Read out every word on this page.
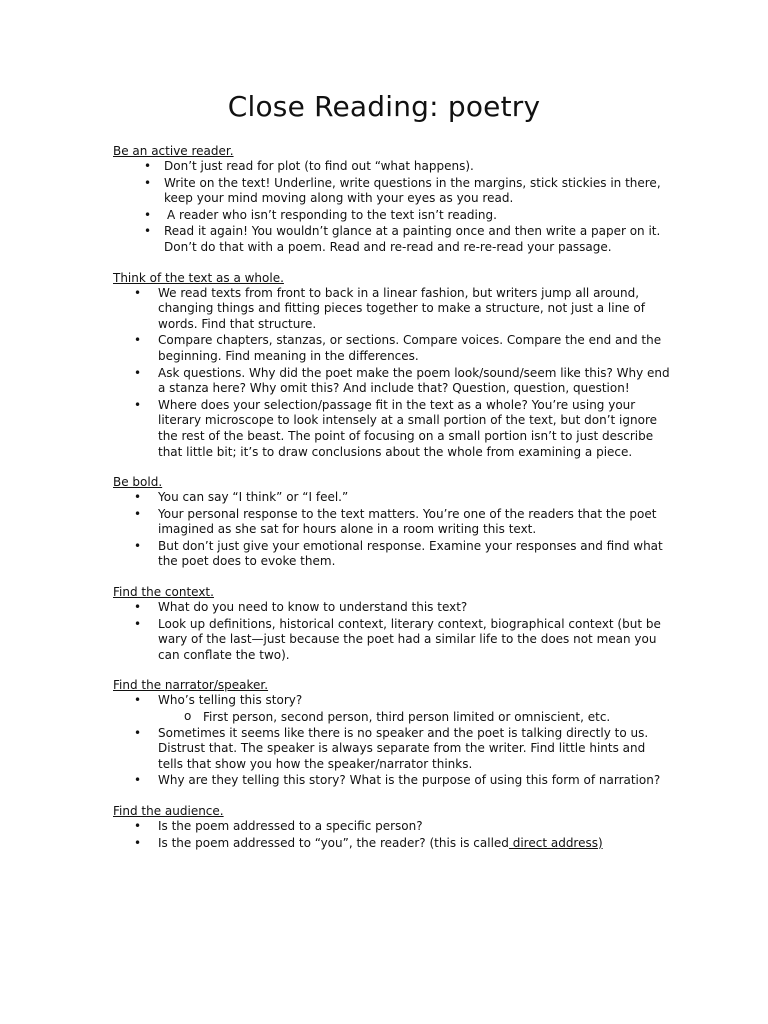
Close Reading: poetry

Be an active reader.

• Don’t just read for plot (to find out “what happens).
• Write on the text! Underline, write questions in the margins, stick stickies in there, keep your mind moving along with your eyes as you read.
• A reader who isn’t responding to the text isn’t reading.
• Read it again! You wouldn’t glance at a painting once and then write a paper on it. Don’t do that with a poem. Read and re-read and re-re-read your passage.

Think of the text as a whole.

• We read texts from front to back in a linear fashion, but writers jump all around, changing things and fitting pieces together to make a structure, not just a line of words. Find that structure.
• Compare chapters, stanzas, or sections. Compare voices. Compare the end and the beginning. Find meaning in the differences.
• Ask questions. Why did the poet make the poem look/sound/seem like this? Why end a stanza here? Why omit this? And include that? Question, question, question!
• Where does your selection/passage fit in the text as a whole? You’re using your literary microscope to look intensely at a small portion of the text, but don’t ignore the rest of the beast. The point of focusing on a small portion isn’t to just describe that little bit; it’s to draw conclusions about the whole from examining a piece.

Be bold.

• You can say “I think” or “I feel.”
• Your personal response to the text matters. You’re one of the readers that the poet imagined as she sat for hours alone in a room writing this text.
• But don’t just give your emotional response. Examine your responses and find what the poet does to evoke them.

Find the context.

• What do you need to know to understand this text?
• Look up definitions, historical context, literary context, biographical context (but be wary of the last—just because the poet had a similar life to the does not mean you can conflate the two).

Find the narrator/speaker.

• Who’s telling this story?
o First person, second person, third person limited or omniscient, etc.
• Sometimes it seems like there is no speaker and the poet is talking directly to us. Distrust that. The speaker is always separate from the writer. Find little hints and tells that show you how the speaker/narrator thinks.
• Why are they telling this story? What is the purpose of using this form of narration?

Find the audience.

• Is the poem addressed to a specific person?
• Is the poem addressed to “you”, the reader? (this is called direct address)
